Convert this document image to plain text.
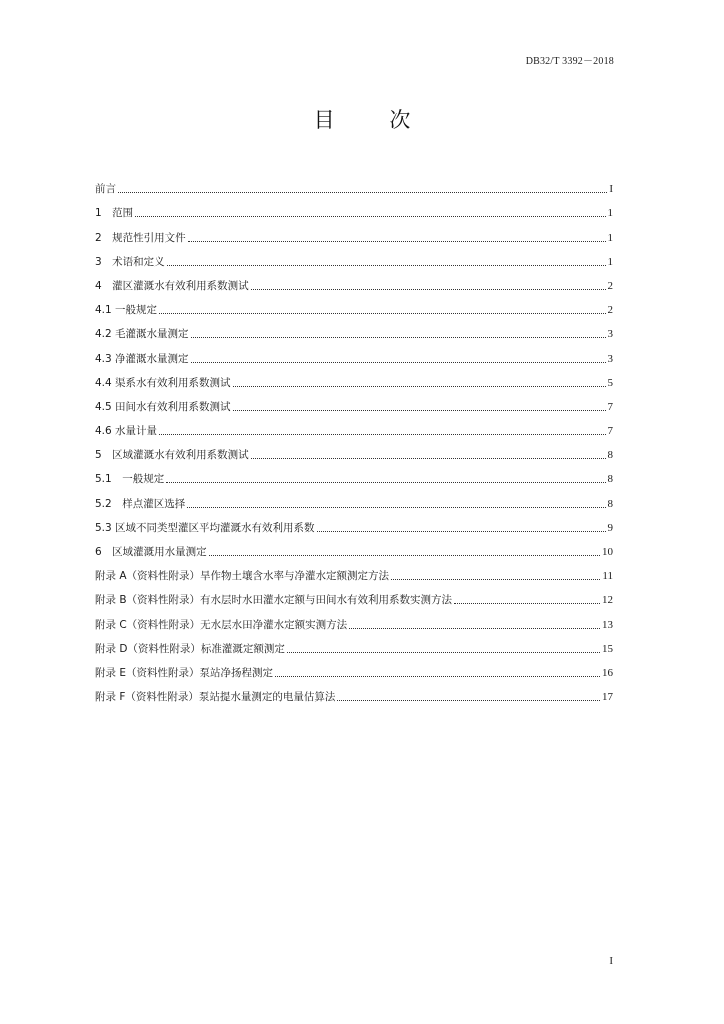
DB32/T 3392－2018
目 次
前言	I
1　范围	1
2　规范性引用文件	1
3　术语和定义	1
4　灌区灌溉水有效利用系数测试	2
4.1 一般规定	2
4.2 毛灌溉水量测定	3
4.3 净灌溉水量测定	3
4.4 渠系水有效利用系数测试	5
4.5 田间水有效利用系数测试	7
4.6 水量计量	7
5　区域灌溉水有效利用系数测试	8
5.1　一般规定	8
5.2　样点灌区选择	8
5.3 区域不同类型灌区平均灌溉水有效利用系数	9
6　区域灌溉用水量测定	10
附录 A（资料性附录）旱作物土壤含水率与净灌水定额测定方法	11
附录 B（资料性附录）有水层时水田灌水定额与田间水有效利用系数实测方法	12
附录 C（资料性附录）无水层水田净灌水定额实测方法	13
附录 D（资料性附录）标准灌溉定额测定	15
附录 E（资料性附录）泵站净扬程测定	16
附录 F（资料性附录）泵站提水量测定的电量估算法	17
I
